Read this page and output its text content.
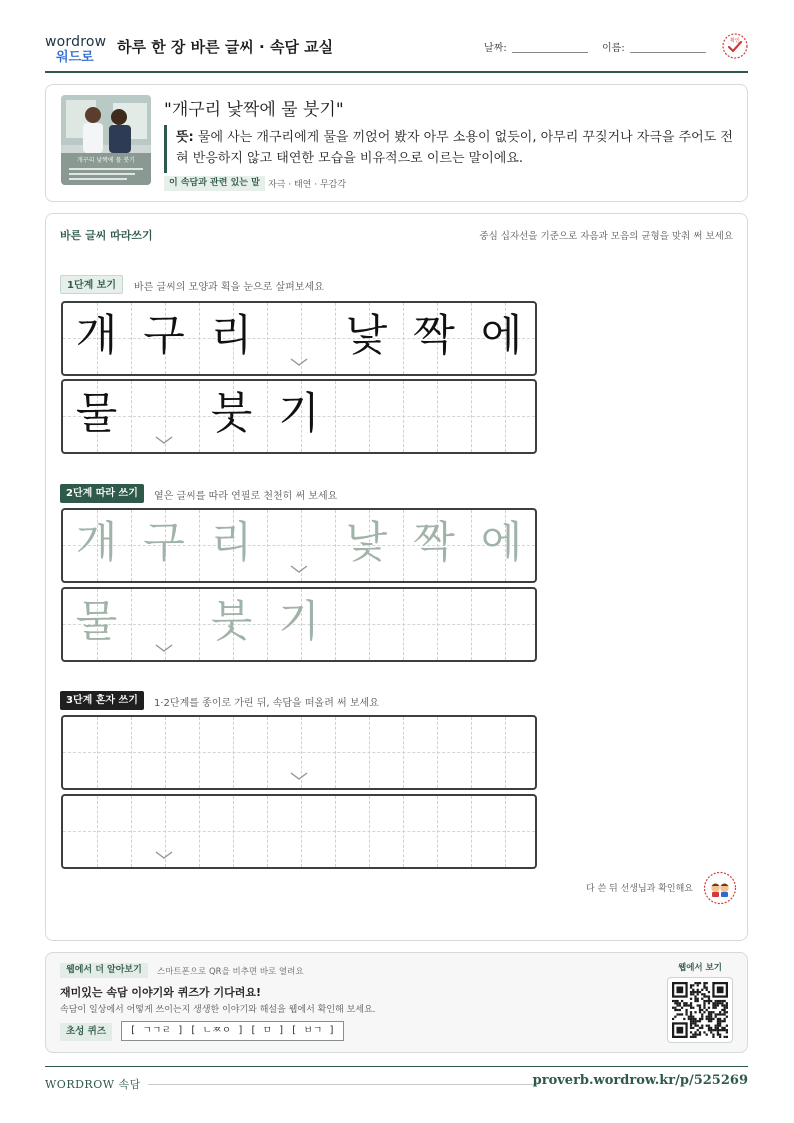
wordrow
워드로
하루 한 장 바른 글씨 · 속담 교실	날짜:	이름:
확인
개구리 낯짝에 물 붓기
"개구리 낯짝에 물 붓기"
뜻: 물에 사는 개구리에게 물을 끼얹어 봤자 아무 소용이 없듯이, 아무리 꾸짖거나 자극을 주어도 전혀 반응하지 않고 태연한 모습을 비유적으로 이르는 말이에요.
이 속담과 관련 있는 말 자극 · 태연 · 무감각
바른 글씨 따라쓰기	중심 십자선을 기준으로 자음과 모음의 균형을 맞춰 써 보세요
1단계 보기	바른 글씨의 모양과 획을 눈으로 살펴보세요
개 구 리 낯 짝 에
물 붓 기
2단계 따라 쓰기	옅은 글씨를 따라 연필로 천천히 써 보세요
개 구 리 낯 짝 에
물 붓 기
3단계 혼자 쓰기	1·2단계를 종이로 가린 뒤, 속담을 떠올려 써 보세요
다 쓴 뒤 선생님과 확인해요
웹에서 더 알아보기	스마트폰으로 QR을 비추면 바로 열려요
재미있는 속담 이야기와 퀴즈가 기다려요!
속담이 일상에서 어떻게 쓰이는지 생생한 이야기와 해설을 웹에서 확인해 보세요.
초성 퀴즈	[ ㄱㄱㄹ ] [ ㄴㅉㅇ ] [ ㅁ ] [ ㅂㄱ ]
웹에서 보기
WORDROW 속담	proverb.wordrow.kr/p/525269
